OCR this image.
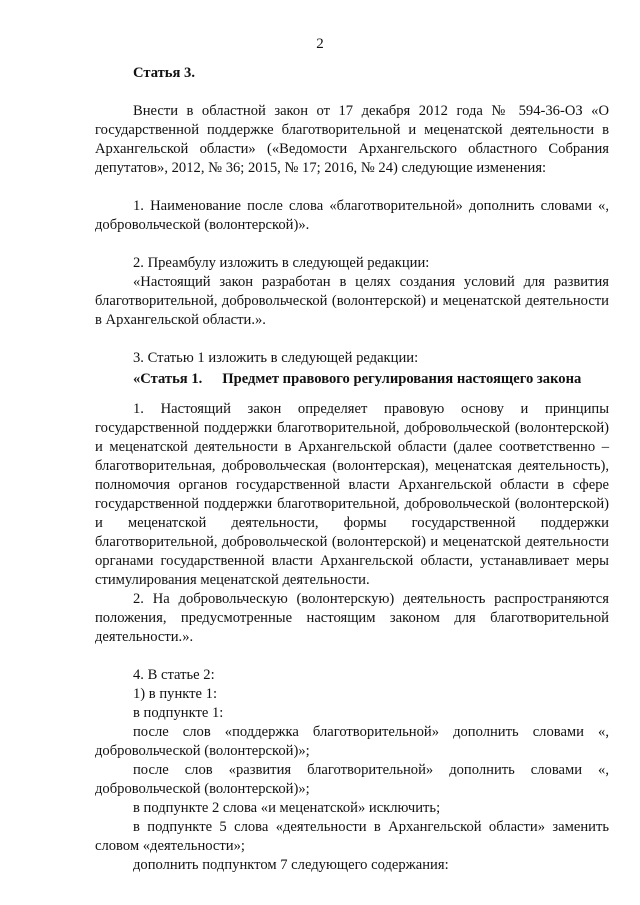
2

Статья 3.

Внести в областной закон от 17 декабря 2012 года № 594-36-ОЗ «О государственной поддержке благотворительной и меценатской деятельности в Архангельской области» («Ведомости Архангельского областного Собрания депутатов», 2012, № 36; 2015, № 17; 2016, № 24) следующие изменения:

1. Наименование после слова «благотворительной» дополнить словами «, добровольческой (волонтерской)».

2. Преамбулу изложить в следующей редакции:

«Настоящий закон разработан в целях создания условий для развития благотворительной, добровольческой (волонтерской) и меценатской деятельности в Архангельской области.».

3. Статью 1 изложить в следующей редакции:

«Статья 1. Предмет правового регулирования настоящего закона

1. Настоящий закон определяет правовую основу и принципы государственной поддержки благотворительной, добровольческой (волонтерской) и меценатской деятельности в Архангельской области (далее соответственно – благотворительная, добровольческая (волонтерская), меценатская деятельность), полномочия органов государственной власти Архангельской области в сфере государственной поддержки благотворительной, добровольческой (волонтерской) и меценатской деятельности, формы государственной поддержки благотворительной, добровольческой (волонтерской) и меценатской деятельности органами государственной власти Архангельской области, устанавливает меры стимулирования меценатской деятельности.

2. На добровольческую (волонтерскую) деятельность распространяются положения, предусмотренные настоящим законом для благотворительной деятельности.».

4. В статье 2:

1) в пункте 1:

в подпункте 1:

после слов «поддержка благотворительной» дополнить словами «, добровольческой (волонтерской)»;

после слов «развития благотворительной» дополнить словами «, добровольческой (волонтерской)»;

в подпункте 2 слова «и меценатской» исключить;

в подпункте 5 слова «деятельности в Архангельской области» заменить словом «деятельности»;

дополнить подпунктом 7 следующего содержания:
